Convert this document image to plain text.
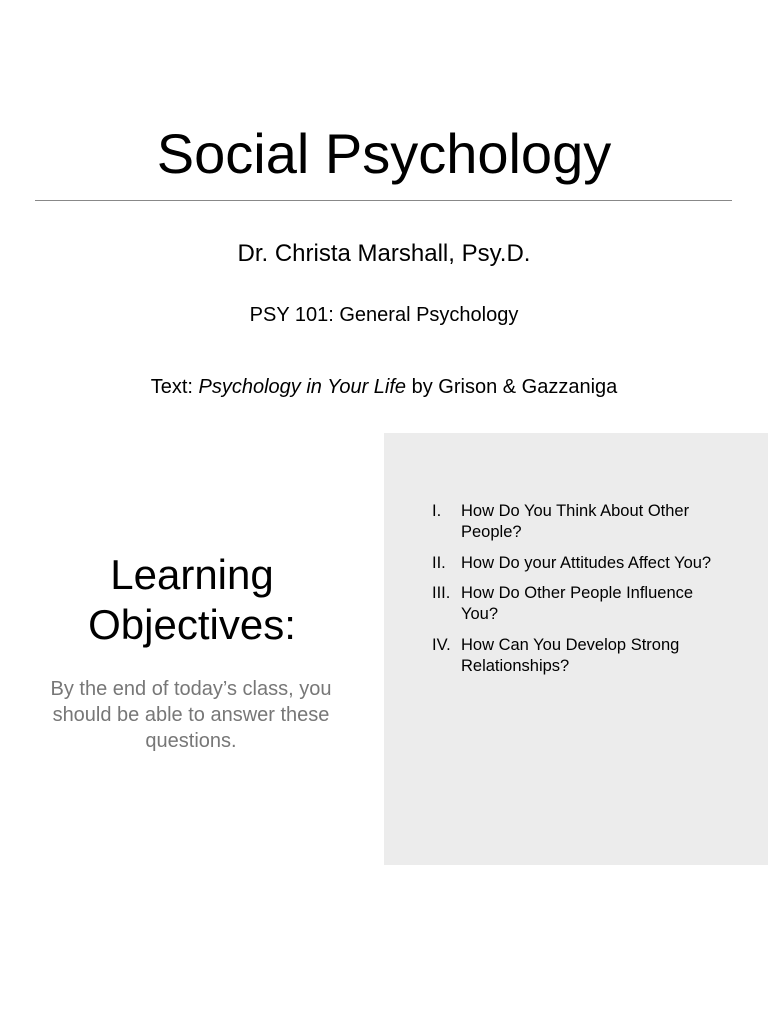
Social Psychology
Dr. Christa Marshall, Psy.D.
PSY 101: General Psychology
Text: Psychology in Your Life by Grison & Gazzaniga
Learning
Objectives:
By the end of today’s class, you should be able to answer these questions.
I. How Do You Think About Other People?
II. How Do your Attitudes Affect You?
III. How Do Other People Influence You?
IV. How Can You Develop Strong Relationships?
